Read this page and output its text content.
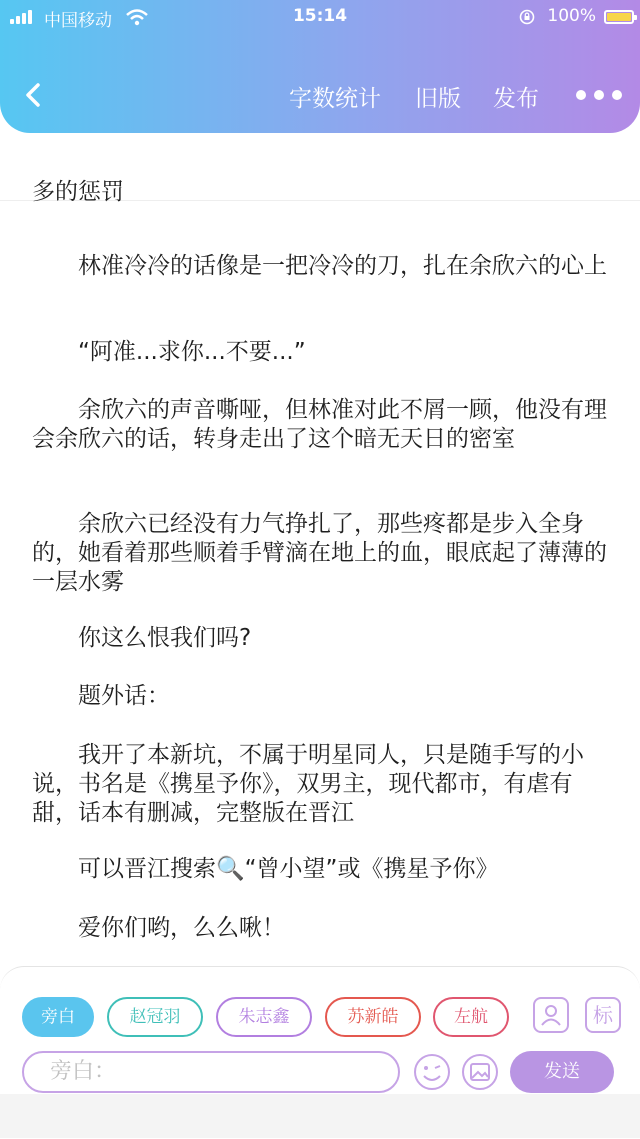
中国移动	15:14	100%
字数统计 旧版 发布

多的惩罚

林准冷冷的话像是一把冷冷的刀，扎在余欣六的心上

“阿准...求你...不要...”

余欣六的声音嘶哑，但林准对此不屑一顾，他没有理会余欣六的话，转身走出了这个暗无天日的密室

余欣六已经没有力气挣扎了，那些疼都是步入全身的，她看着那些顺着手臂滴在地上的血，眼底起了薄薄的一层水雾

你这么恨我们吗?

题外话：

我开了本新坑，不属于明星同人，只是随手写的小说，书名是《携星予你》，双男主，现代都市，有虐有甜，话本有删减，完整版在晋江

可以晋江搜索🔍“曾小望”或《携星予你》

爱你们哟，么么啾！

旁白	赵冠羽	朱志鑫	苏新皓	左航	标
旁白：	发送
